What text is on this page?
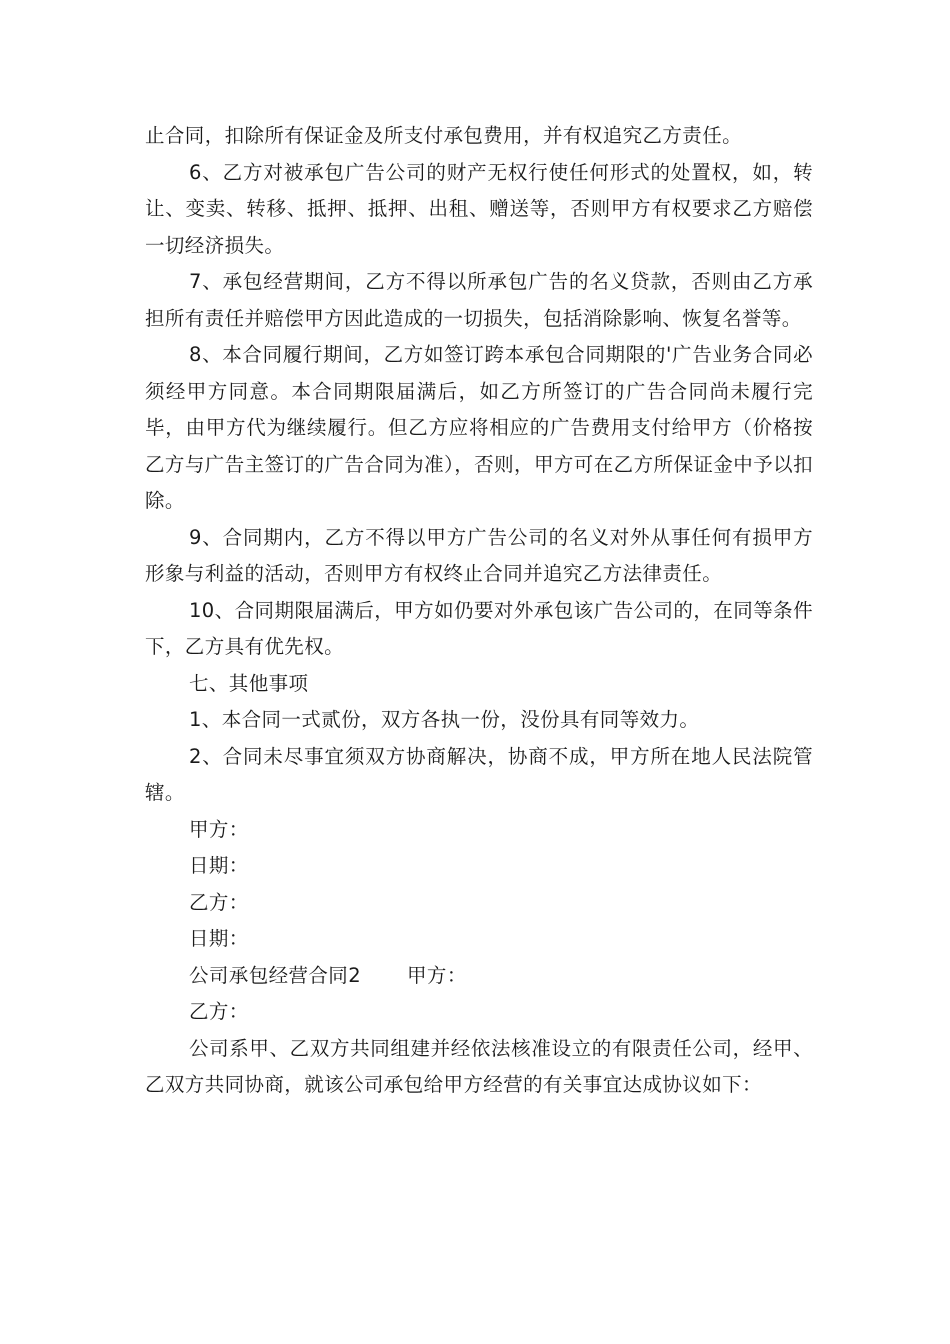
止合同，扣除所有保证金及所支付承包费用，并有权追究乙方责任。

6、乙方对被承包广告公司的财产无权行使任何形式的处置权，如，转让、变卖、转移、抵押、抵押、出租、赠送等，否则甲方有权要求乙方赔偿一切经济损失。

7、承包经营期间，乙方不得以所承包广告的名义贷款，否则由乙方承担所有责任并赔偿甲方因此造成的一切损失，包括消除影响、恢复名誉等。

8、本合同履行期间，乙方如签订跨本承包合同期限的'广告业务合同必须经甲方同意。本合同期限届满后，如乙方所签订的广告合同尚未履行完毕，由甲方代为继续履行。但乙方应将相应的广告费用支付给甲方（价格按乙方与广告主签订的广告合同为准），否则，甲方可在乙方所保证金中予以扣除。

9、合同期内，乙方不得以甲方广告公司的名义对外从事任何有损甲方形象与利益的活动，否则甲方有权终止合同并追究乙方法律责任。

10、合同期限届满后，甲方如仍要对外承包该广告公司的，在同等条件下，乙方具有优先权。

七、其他事项

1、本合同一式贰份，双方各执一份，没份具有同等效力。

2、合同未尽事宜须双方协商解决，协商不成，甲方所在地人民法院管辖。

甲方：

日期：

乙方：

日期：

公司承包经营合同2 甲方：

乙方：

公司系甲、乙双方共同组建并经依法核准设立的有限责任公司，经甲、乙双方共同协商，就该公司承包给甲方经营的有关事宜达成协议如下：
